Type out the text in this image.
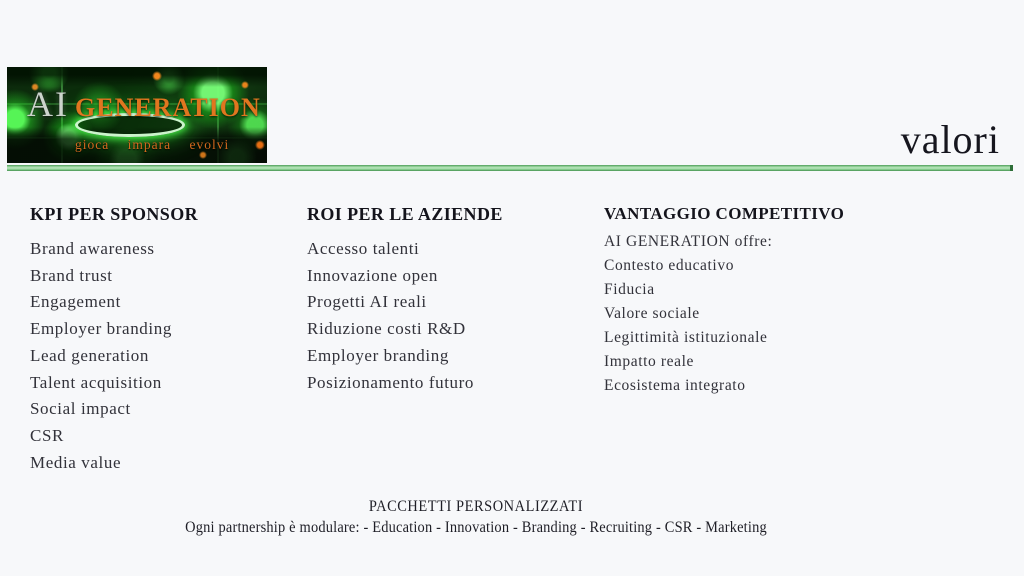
AI GENERATION
gioca impara evolvi	valori
KPI PER SPONSOR
Brand awareness
Brand trust
Engagement
Employer branding
Lead generation
Talent acquisition
Social impact
CSR
Media value
ROI PER LE AZIENDE
Accesso talenti
Innovazione open
Progetti AI reali
Riduzione costi R&D
Employer branding
Posizionamento futuro
VANTAGGIO COMPETITIVO

AI GENERATION offre:

Contesto educativo
Fiducia
Valore sociale
Legittimità istituzionale
Impatto reale
Ecosistema integrato
PACCHETTI PERSONALIZZATI
Ogni partnership è modulare: - Education - Innovation - Branding - Recruiting - CSR - Marketing
